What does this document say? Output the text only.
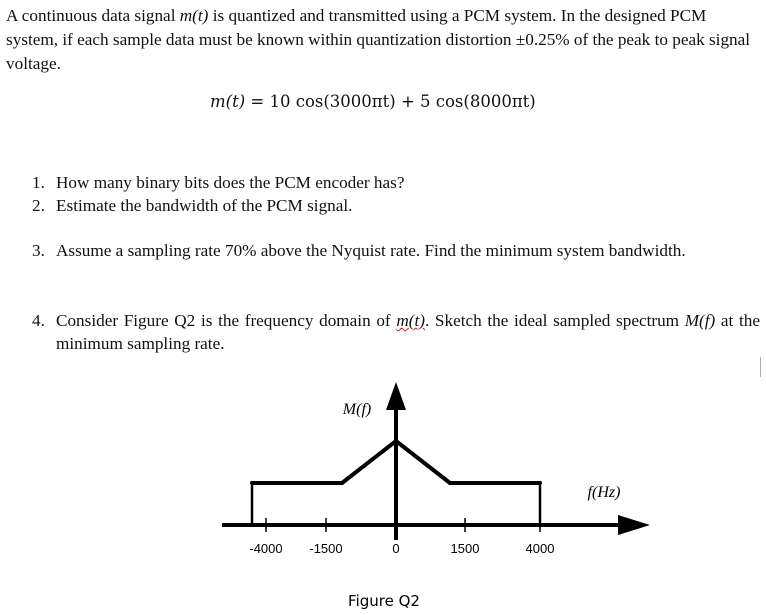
A continuous data signal m(t) is quantized and transmitted using a PCM system. In the designed PCM system, if each sample data must be known within quantization distortion ±0.25% of the peak to peak signal voltage.

m(t) = 10 cos(3000πt) + 5 cos(8000πt)

1. How many binary bits does the PCM encoder has?
2. Estimate the bandwidth of the PCM signal.
3. Assume a sampling rate 70% above the Nyquist rate. Find the minimum system bandwidth.
4. Consider Figure Q2 is the frequency domain of m(t). Sketch the ideal sampled spectrum M(f) at the minimum sampling rate.
-4000 -1500	0	1500	4000
M(f)
f(Hz)
Figure Q2
